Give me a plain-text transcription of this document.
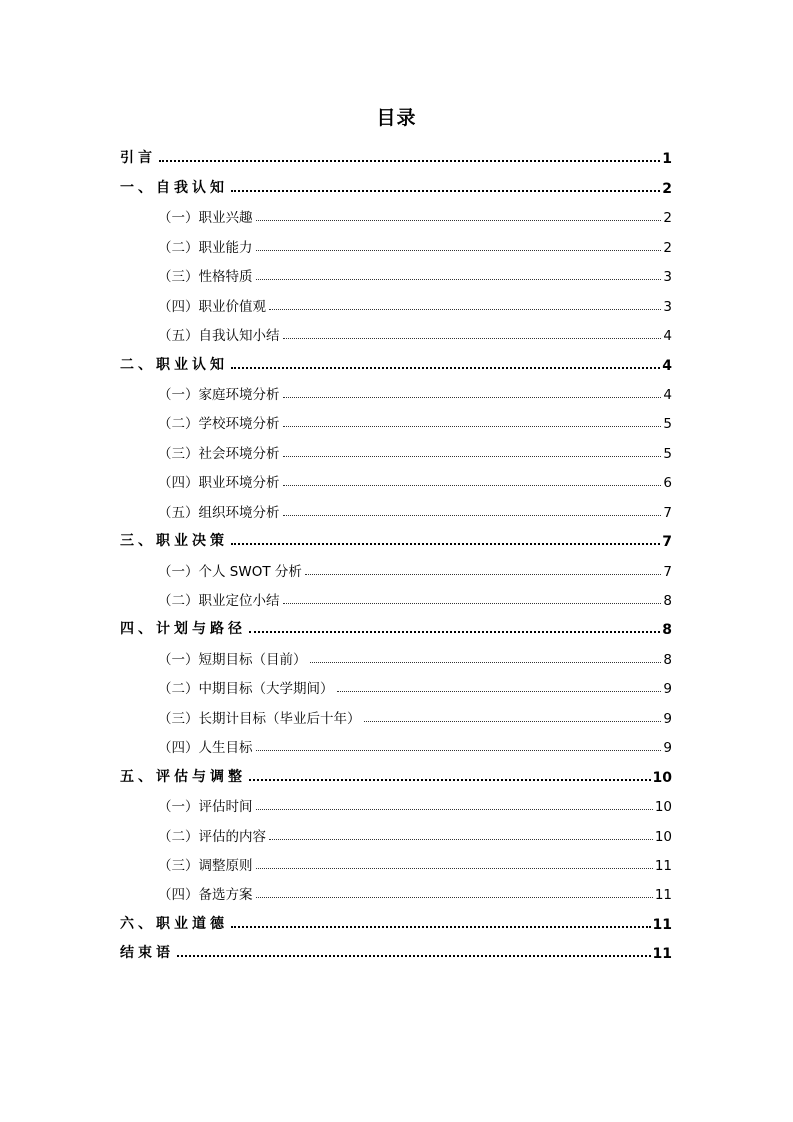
目录
引言	1
一、自我认知	2
（一）职业兴趣	2
（二）职业能力	2
（三）性格特质	3
（四）职业价值观	3
（五）自我认知小结	4
二、职业认知	4
（一）家庭环境分析	4
（二）学校环境分析	5
（三）社会环境分析	5
（四）职业环境分析	6
（五）组织环境分析	7
三、职业决策	7
（一）个人 SWOT 分析	7
（二）职业定位小结	8
四、计划与路径	8
（一）短期目标（目前）	8
（二）中期目标（大学期间）	9
（三）长期计目标（毕业后十年）	9
（四）人生目标	9
五、评估与调整	10
（一）评估时间	10
（二）评估的内容	10
（三）调整原则	11
（四）备选方案	11
六、职业道德	11
结束语	11
